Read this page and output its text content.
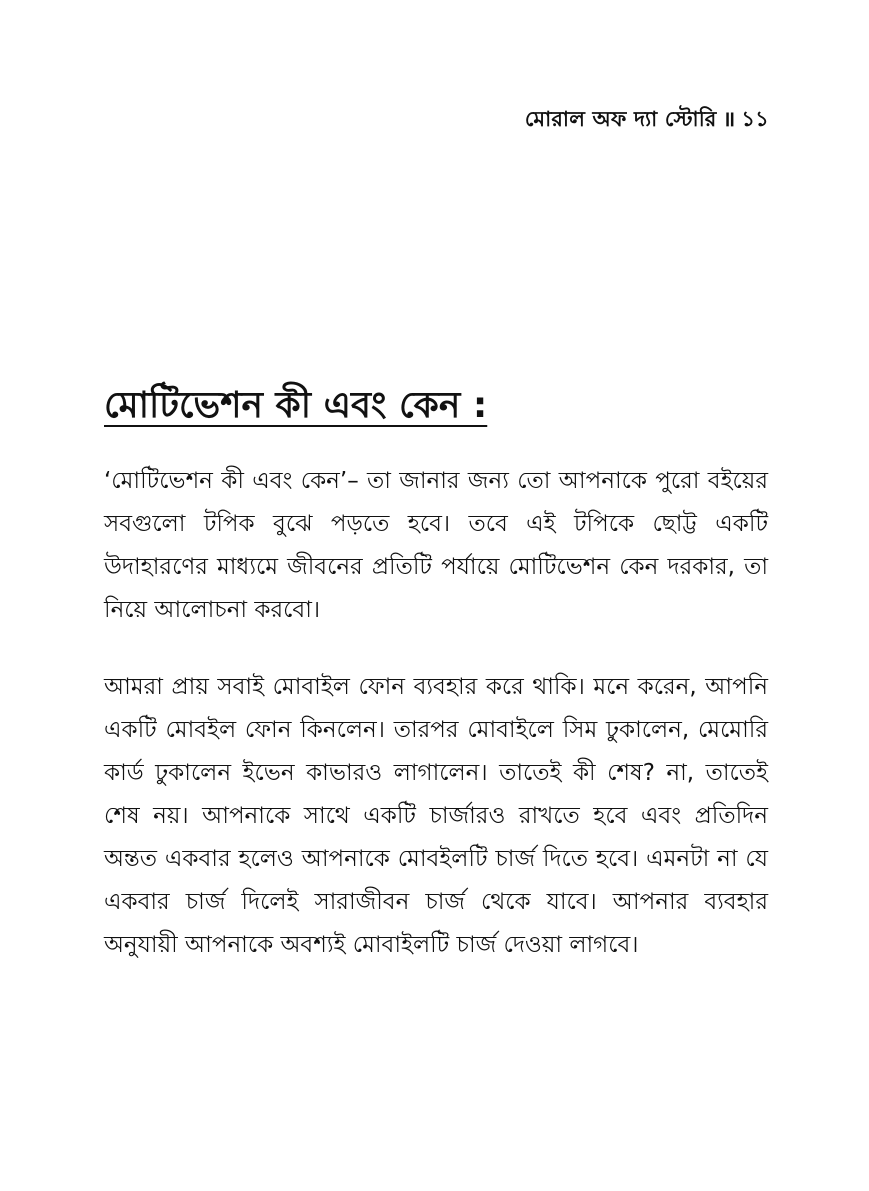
মোরাল অফ দ্যা স্টোরি ॥ ১১
মোটিভেশন কী এবং কেন :

‘মোটিভেশন কী এবং কেন’– তা জানার জন্য তো আপনাকে পুরো বইয়ের সবগুলো টপিক বুঝে পড়তে হবে। তবে এই টপিকে ছোট্ট একটি উদাহারণের মাধ্যমে জীবনের প্রতিটি পর্যায়ে মোটিভেশন কেন দরকার, তা নিয়ে আলোচনা করবো।

আমরা প্রায় সবাই মোবাইল ফোন ব্যবহার করে থাকি। মনে করেন, আপনি একটি মোবইল ফোন কিনলেন। তারপর মোবাইলে সিম ঢুকালেন, মেমোরি কার্ড ঢুকালেন ইভেন কাভারও লাগালেন। তাতেই কী শেষ? না, তাতেই শেষ নয়। আপনাকে সাথে একটি চার্জারও রাখতে হবে এবং প্রতিদিন অন্তত একবার হলেও আপনাকে মোবইলটি চার্জ দিতে হবে। এমনটা না যে একবার চার্জ দিলেই সারাজীবন চার্জ থেকে যাবে। আপনার ব্যবহার অনুযায়ী আপনাকে অবশ্যই মোবাইলটি চার্জ দেওয়া লাগবে।
